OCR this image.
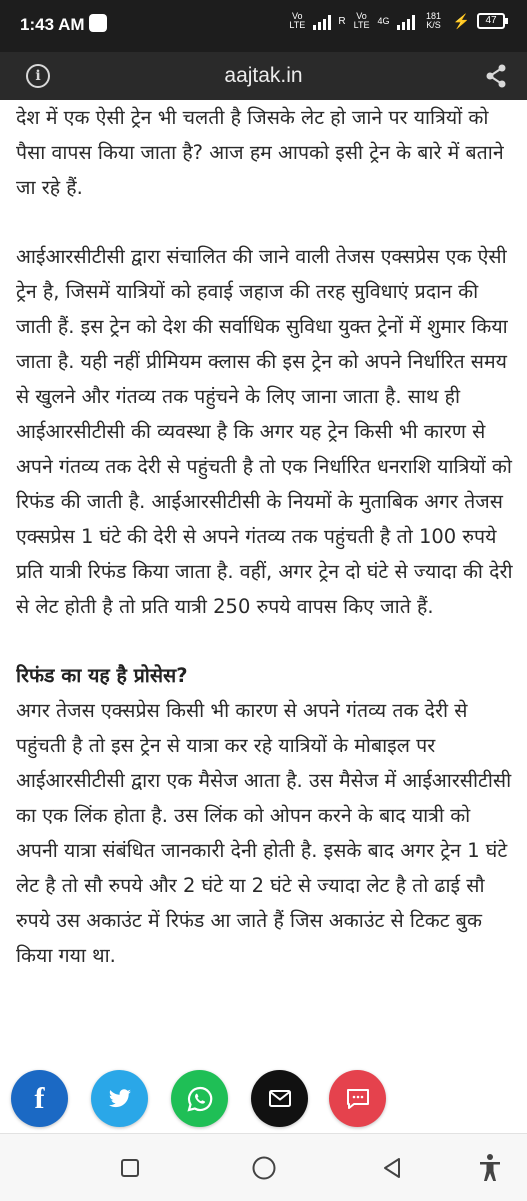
1:43 AM	Vo LTE	R	Vo LTE 4G	181 K/S ⚡	47
i	aajtak.in

देश में एक ऐसी ट्रेन भी चलती है जिसके लेट हो जाने पर यात्रियों को पैसा वापस किया जाता है? आज हम आपको इसी ट्रेन के बारे में बताने जा रहे हैं.

आईआरसीटीसी द्वारा संचालित की जाने वाली तेजस एक्सप्रेस एक ऐसी ट्रेन है, जिसमें यात्रियों को हवाई जहाज की तरह सुविधाएं प्रदान की जाती हैं. इस ट्रेन को देश की सर्वाधिक सुविधा युक्त ट्रेनों में शुमार किया जाता है. यही नहीं प्रीमियम क्लास की इस ट्रेन को अपने निर्धारित समय से खुलने और गंतव्य तक पहुंचने के लिए जाना जाता है. साथ ही आईआरसीटीसी की व्यवस्था है कि अगर यह ट्रेन किसी भी कारण से अपने गंतव्य तक देरी से पहुंचती है तो एक निर्धारित धनराशि यात्रियों को रिफंड की जाती है. आईआरसीटीसी के नियमों के मुताबिक अगर तेजस एक्सप्रेस 1 घंटे की देरी से अपने गंतव्य तक पहुंचती है तो 100 रुपये प्रति यात्री रिफंड किया जाता है. वहीं, अगर ट्रेन दो घंटे से ज्यादा की देरी से लेट होती है तो प्रति यात्री 250 रुपये वापस किए जाते हैं.

रिफंड का यह है प्रोसेस?

अगर तेजस एक्सप्रेस किसी भी कारण से अपने गंतव्य तक देरी से पहुंचती है तो इस ट्रेन से यात्रा कर रहे यात्रियों के मोबाइल पर आईआरसीटीसी द्वारा एक मैसेज आता है. उस मैसेज में आईआरसीटीसी का एक लिंक होता है. उस लिंक को ओपन करने के बाद यात्री को अपनी यात्रा संबंधित जानकारी देनी होती है. इसके बाद अगर ट्रेन 1 घंटे लेट है तो सौ रुपये और 2 घंटे या 2 घंटे से ज्यादा लेट है तो ढाई सौ रुपये उस अकाउंट में रिफंड आ जाते हैं जिस अकाउंट से टिकट बुक किया गया था.

f
